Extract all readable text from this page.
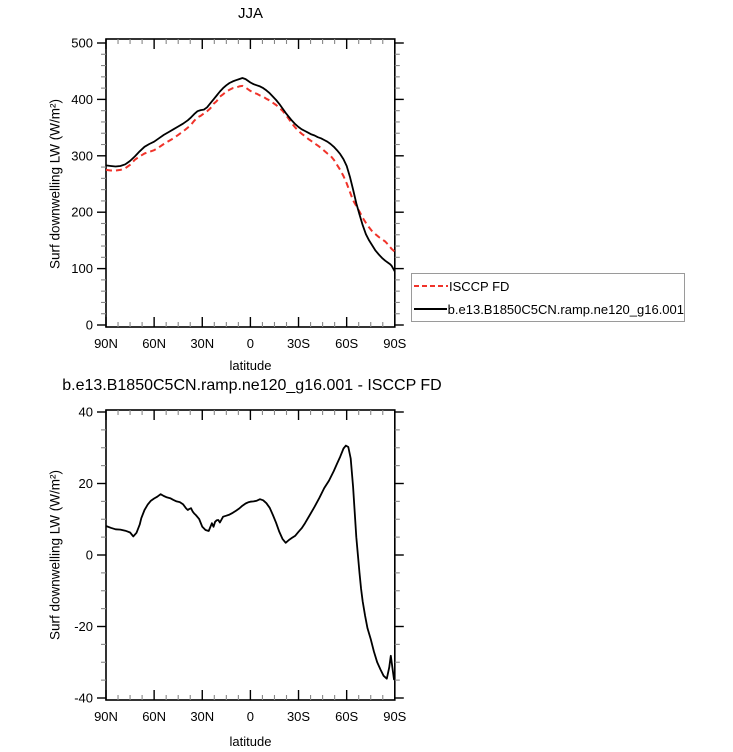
0
100
200
300
400
500
90N 60N 30N	0	30S 60S 90S
-40
-20
0
20
40
90N 60N 30N	0	30S 60S 90S
JJA
Surf downwelling LW (W/m²)
latitude
b.e13.B1850C5CN.ramp.ne120_g16.001 - ISCCP FD
Surf downwelling LW (W/m²)
latitude
ISCCP FD
b.e13.B1850C5CN.ramp.ne120_g16.001
